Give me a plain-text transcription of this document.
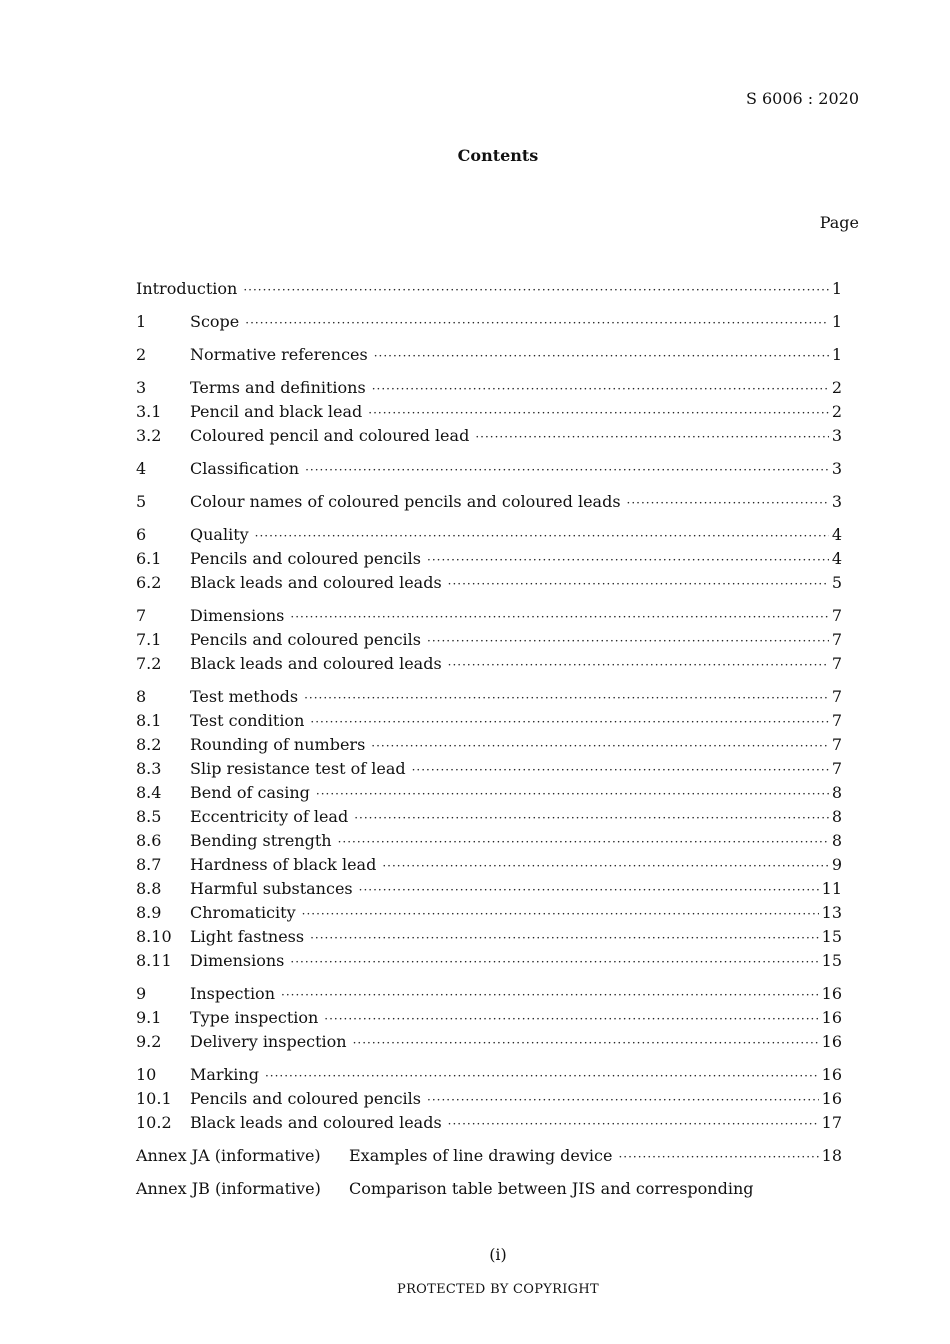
S 6006 : 2020
Contents
Page
Introduction ·····	1
1	Scope ·····	1
2	Normative references ·····	1
3	Terms and definitions ·····	2
3.1	Pencil and black lead ·····	2
3.2	Coloured pencil and coloured lead ·····	3
4	Classification ·····	3
5	Colour names of coloured pencils and coloured leads ·····	3
6	Quality ·····	4
6.1	Pencils and coloured pencils ·····	4
6.2	Black leads and coloured leads ·····	5
7	Dimensions ·····	7
7.1	Pencils and coloured pencils ·····	7
7.2	Black leads and coloured leads ·····	7
8	Test methods ·····	7
8.1	Test condition ·····	7
8.2	Rounding of numbers ·····	7
8.3	Slip resistance test of lead ·····	7
8.4	Bend of casing ·····	8
8.5	Eccentricity of lead ·····	8
8.6	Bending strength ·····	8
8.7	Hardness of black lead ·····	9
8.8	Harmful substances ·····	11
8.9	Chromaticity ·····	13
8.10	Light fastness ·····	15
8.11	Dimensions ·····	15
9	Inspection ·····	16
9.1	Type inspection ·····	16
9.2	Delivery inspection ·····	16
10	Marking ·····	16
10.1	Pencils and coloured pencils ·····	16
10.2	Black leads and coloured leads ·····	17
Annex JA (informative)	Examples of line drawing device ·····	18
Annex JB (informative)	Comparison table between JIS and corresponding
(i)
PROTECTED BY COPYRIGHT
